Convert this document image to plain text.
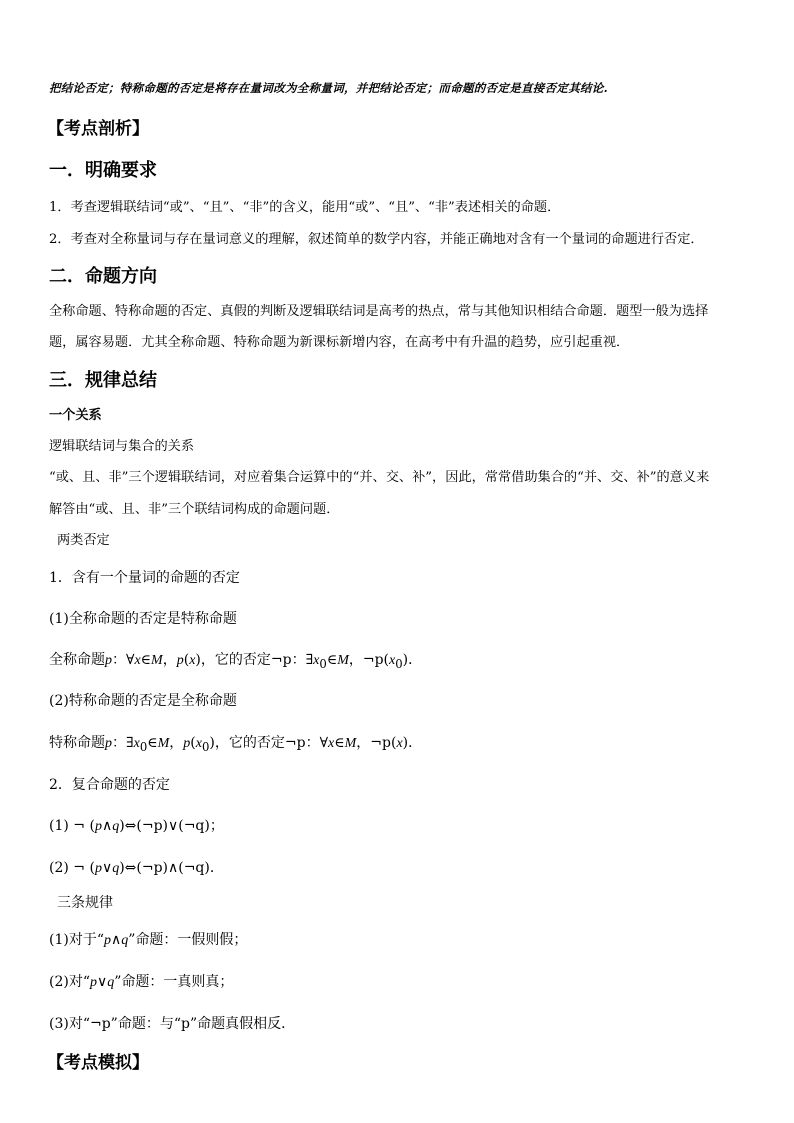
把结论否定；特称命题的否定是将存在量词改为全称量词，并把结论否定；而命题的否定是直接否定其结论.
【考点剖析】
一．明确要求
1．考查逻辑联结词“或”、“且”、“非”的含义，能用“或”、“且”、“非”表述相关的命题．
2．考查对全称量词与存在量词意义的理解，叙述简单的数学内容，并能正确地对含有一个量词的命题进行否定．
二．命题方向
全称命题、特称命题的否定、真假的判断及逻辑联结词是高考的热点，常与其他知识相结合命题．题型一般为选择
题，属容易题．尤其全称命题、特称命题为新课标新增内容，在高考中有升温的趋势，应引起重视．
三．规律总结
一个关系
逻辑联结词与集合的关系
“或、且、非”三个逻辑联结词，对应着集合运算中的“并、交、补”，因此，常常借助集合的“并、交、补”的意义来
解答由“或、且、非”三个联结词构成的命题问题．
两类否定
1．含有一个量词的命题的否定
(1)全称命题的否定是特称命题
全称命题p：∀x∈M，p(x)，它的否定¬p：$\exists x_0\in M$，$\neg p(x_0)$．
(2)特称命题的否定是全称命题
特称命题p：$\exists x_0\in M$，$p(x_0)$，它的否定¬p：∀x∈M，¬p(x)．
2．复合命题的否定
(1) ¬ (p∧q)⇔(¬p)∨(¬q)；
(2) ¬ (p∨q)⇔(¬p)∧(¬q)．
三条规律
(1)对于“p∧q”命题：一假则假；
(2)对“p∨q”命题：一真则真；
(3)对“¬p”命题：与“p”命题真假相反．
【考点模拟】
